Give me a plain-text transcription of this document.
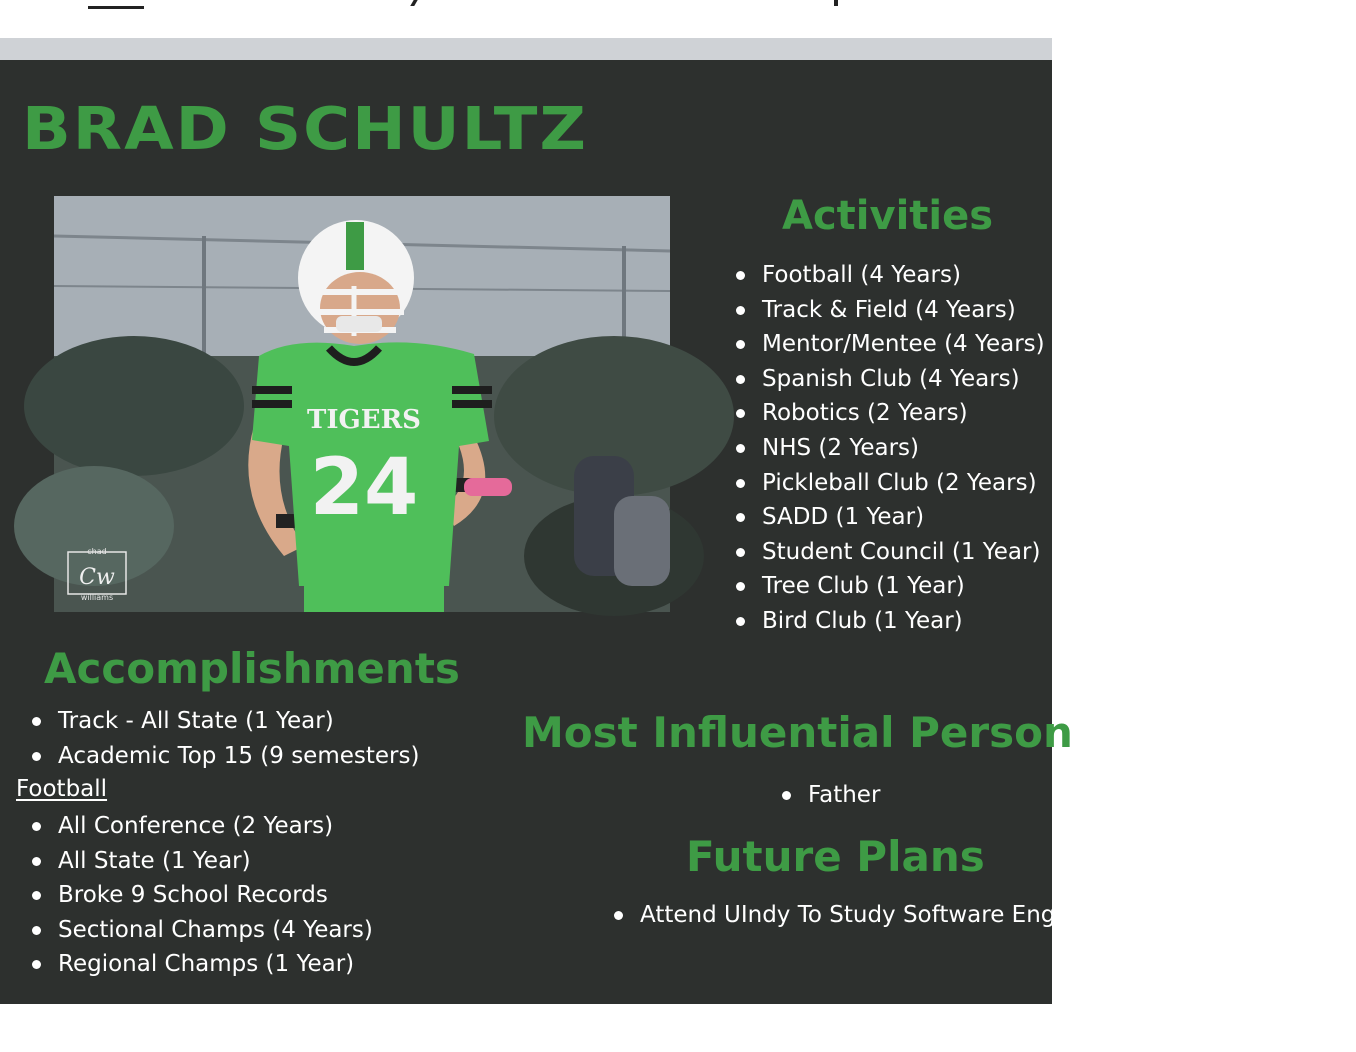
BRAD SCHULTZ
TIGERS
24
chad
Cw
williams
Activities
Football (4 Years)
Track & Field (4 Years)
Mentor/Mentee (4 Years)
Spanish Club (4 Years)
Robotics (2 Years)
NHS (2 Years)
Pickleball Club (2 Years)
SADD (1 Year)
Student Council (1 Year)
Tree Club (1 Year)
Bird Club (1 Year)
Accomplishments
Track - All State (1 Year)
Academic Top 15 (9 semesters)
Football
All Conference (2 Years)
All State (1 Year)
Broke 9 School Records
Sectional Champs (4 Years)
Regional Champs (1 Year)
Most Influential Person
Father
Future Plans
Attend UIndy To Study Software Engineering And Play Football
